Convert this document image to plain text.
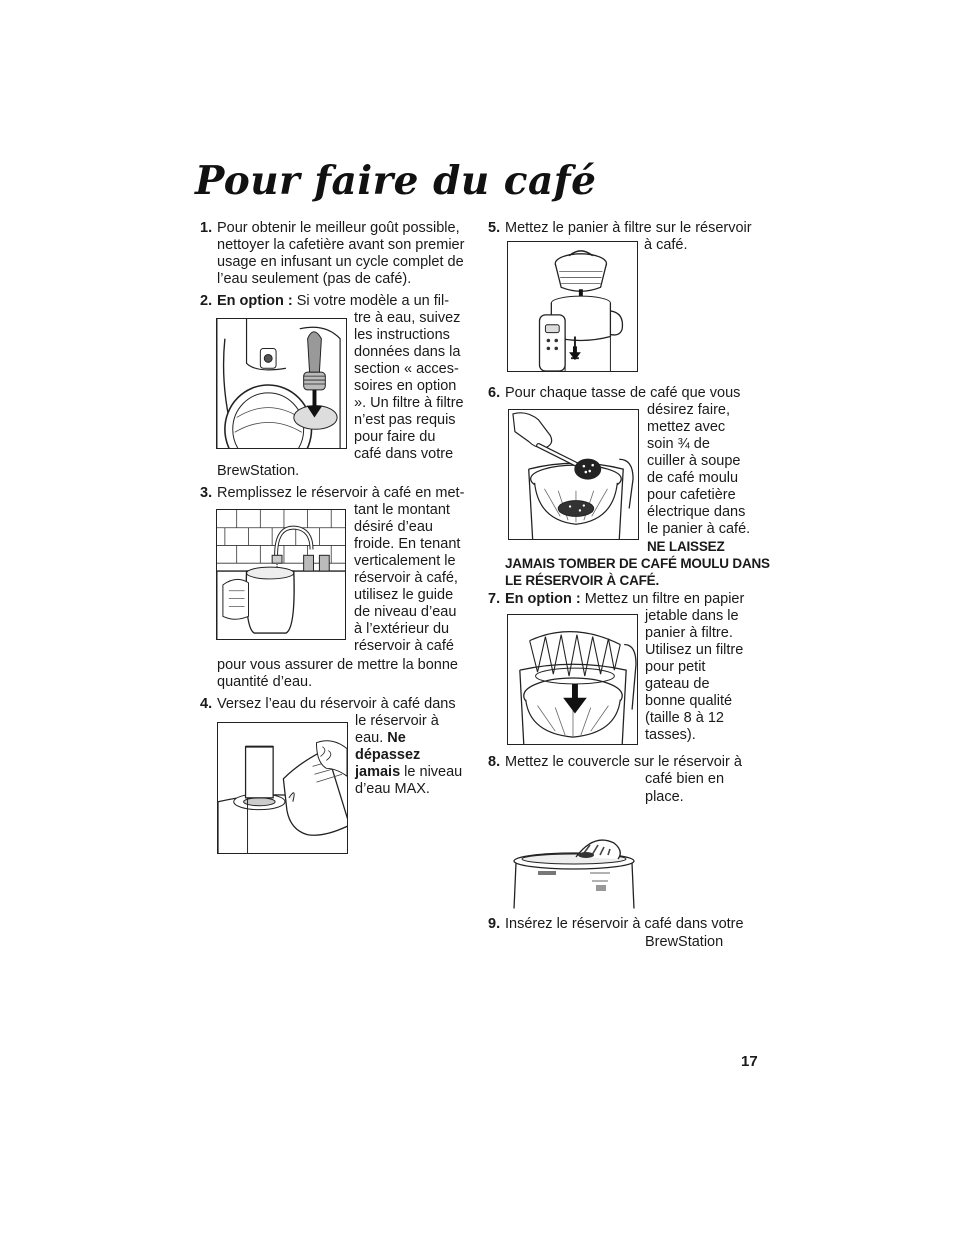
Pour faire du café
1. Pour obtenir le meilleur goût possible,
nettoyer la cafetière avant son premier
usage en infusant un cycle complet de
l’eau seulement (pas de café).
2. En option : Si votre modèle a un fil-
tre à eau, suivez
les instructions
données dans la
section « acces-
soires en option
». Un filtre à filtre
n’est pas requis
pour faire du
café dans votre
BrewStation.
3. Remplissez le réservoir à café en met-
tant le montant
désiré d’eau
froide. En tenant
verticalement le
réservoir à café,
utilisez le guide
de niveau d’eau
à l’extérieur du
réservoir à café
pour vous assurer de mettre la bonne
quantité d’eau.
4. Versez l’eau du réservoir à café dans
le réservoir à
eau. Ne
dépassez
jamais le niveau
d’eau MAX.
5. Mettez le panier à filtre sur le réservoir
à café.
6. Pour chaque tasse de café que vous
désirez faire,
mettez avec
soin ¾ de
cuiller à soupe
de café moulu
pour cafetière
électrique dans
le panier à café.
NE LAISSEZ
JAMAIS TOMBER DE CAFÉ MOULU DANS
LE RÉSERVOIR À CAFÉ.
7. En option : Mettez un filtre en papier
jetable dans le
panier à filtre.
Utilisez un filtre
pour petit
gateau de
bonne qualité
(taille 8 à 12
tasses).
8. Mettez le couvercle sur le réservoir à
café bien en
place.
9. Insérez le réservoir à café dans votre
BrewStation
17
